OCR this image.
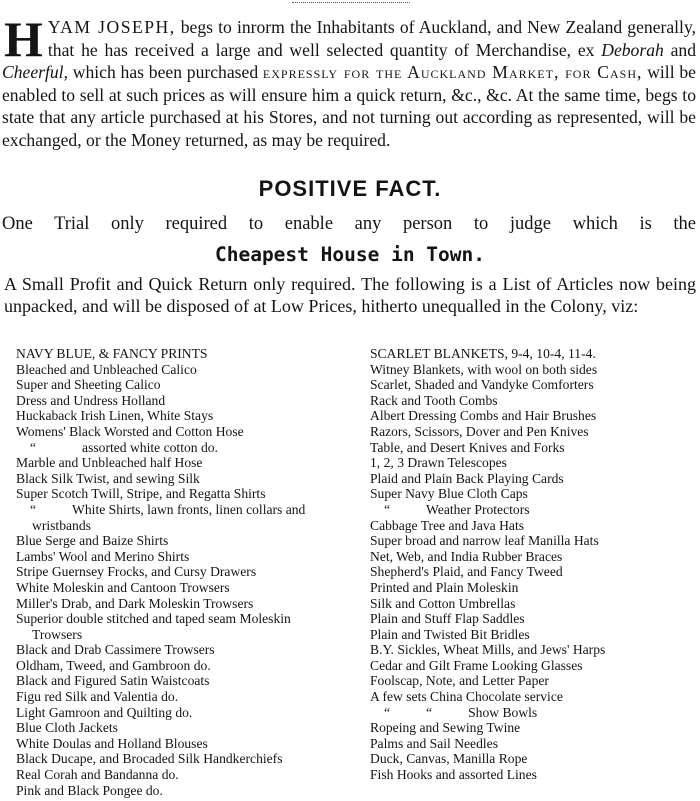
HYAM JOSEPH, begs to inrorm the Inhabitants of Auckland, and New Zealand generally, that he has received a large and well selected quantity of Merchandise, ex Deborah and Cheerful, which has been purchased expressly for the Auckland Market, for Cash, will be enabled to sell at such prices as will ensure him a quick return, &c., &c. At the same time, begs to state that any article purchased at his Stores, and not turning out according as represented, will be exchanged, or the Money returned, as may be required.
POSITIVE FACT.
One Trial only required to enable any person to judge which is the
Cheapest House in Town.
A Small Profit and Quick Return only required. The following is a List of Articles now being unpacked, and will be disposed of at Low Prices, hitherto unequalled in the Colony, viz:
NAVY BLUE, & FANCY PRINTS
Bleached and Unbleached Calico
Super and Sheeting Calico
Dress and Undress Holland
Huckaback Irish Linen, White Stays
Womens' Black Worsted and Cotton Hose
“	assorted white cotton do.
Marble and Unbleached half Hose
Black Silk Twist, and sewing Silk
Super Scotch Twill, Stripe, and Regatta Shirts
“	White Shirts, lawn fronts, linen collars and
wristbands
Blue Serge and Baize Shirts
Lambs' Wool and Merino Shirts
Stripe Guernsey Frocks, and Cursy Drawers
White Moleskin and Cantoon Trowsers
Miller's Drab, and Dark Moleskin Trowsers
Superior double stitched and taped seam Moleskin
Trowsers
Black and Drab Cassimere Trowsers
Oldham, Tweed, and Gambroon do.
Black and Figured Satin Waistcoats
Figu red Silk and Valentia do.
Light Gamroon and Quilting do.
Blue Cloth Jackets
White Doulas and Holland Blouses
Black Ducape, and Brocaded Silk Handkerchiefs
Real Corah and Bandanna do.
Pink and Black Pongee do.
SCARLET BLANKETS, 9-4, 10-4, 11-4.
Witney Blankets, with wool on both sides
Scarlet, Shaded and Vandyke Comforters
Rack and Tooth Combs
Albert Dressing Combs and Hair Brushes
Razors, Scissors, Dover and Pen Knives
Table, and Desert Knives and Forks
1, 2, 3 Drawn Telescopes
Plaid and Plain Back Playing Cards
Super Navy Blue Cloth Caps
“	Weather Protectors
Cabbage Tree and Java Hats
Super broad and narrow leaf Manilla Hats
Net, Web, and India Rubber Braces
Shepherd's Plaid, and Fancy Tweed
Printed and Plain Moleskin
Silk and Cotton Umbrellas
Plain and Stuff Flap Saddles
Plain and Twisted Bit Bridles
B.Y. Sickles, Wheat Mills, and Jews' Harps
Cedar and Gilt Frame Looking Glasses
Foolscap, Note, and Letter Paper
A few sets China Chocolate service
“	“	Show Bowls
Ropeing and Sewing Twine
Palms and Sail Needles
Duck, Canvas, Manilla Rope
Fish Hooks and assorted Lines
